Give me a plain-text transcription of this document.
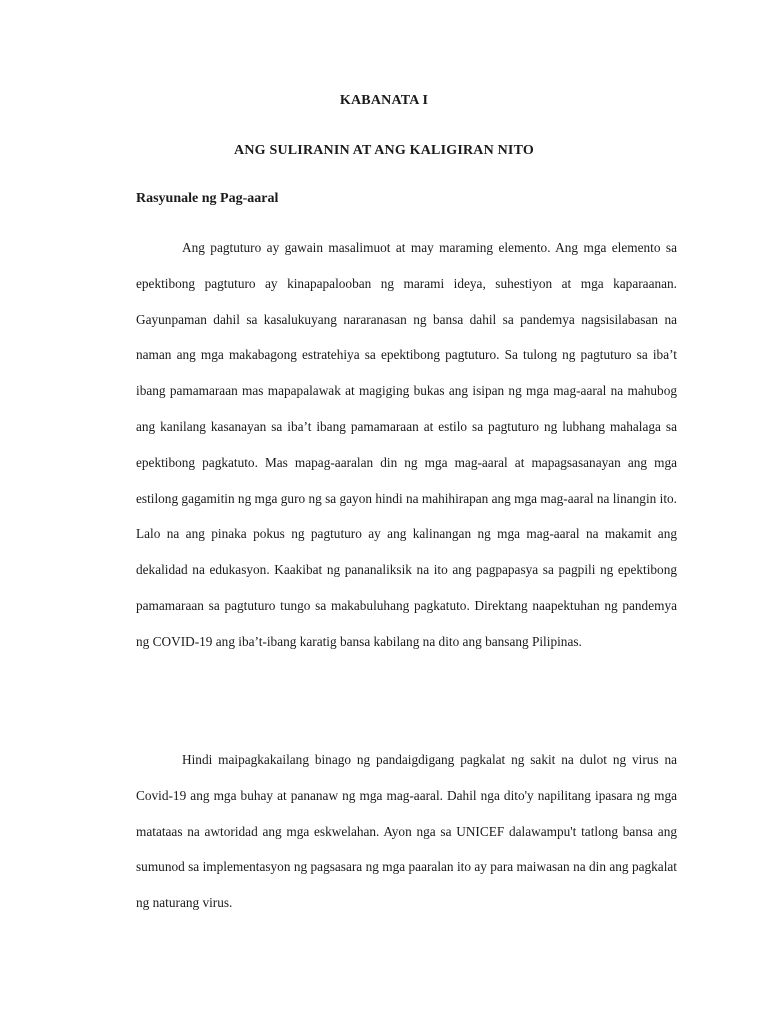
KABANATA I
ANG SULIRANIN AT ANG KALIGIRAN NITO
Rasyunale ng Pag-aaral

Ang pagtuturo ay gawain masalimuot at may maraming elemento. Ang mga elemento sa epektibong pagtuturo ay kinapapalooban ng marami ideya, suhestiyon at mga kaparaanan. Gayunpaman dahil sa kasalukuyang nararanasan ng bansa dahil sa pandemya nagsisilabasan na naman ang mga makabagong estratehiya sa epektibong pagtuturo. Sa tulong ng pagtuturo sa iba’t ibang pamamaraan mas mapapalawak at magiging bukas ang isipan ng mga mag-aaral na mahubog ang kanilang kasanayan sa iba’t ibang pamamaraan at estilo sa pagtuturo ng lubhang mahalaga sa epektibong pagkatuto. Mas mapag-aaralan din ng mga mag-aaral at mapagsasanayan ang mga estilong gagamitin ng mga guro ng sa gayon hindi na mahihirapan ang mga mag-aaral na linangin ito. Lalo na ang pinaka pokus ng pagtuturo ay ang kalinangan ng mga mag-aaral na makamit ang dekalidad na edukasyon. Kaakibat ng pananaliksik na ito ang pagpapasya sa pagpili ng epektibong pamamaraan sa pagtuturo tungo sa makabuluhang pagkatuto. Direktang naapektuhan ng pandemya ng COVID-19 ang iba’t-ibang karatig bansa kabilang na dito ang bansang Pilipinas.

Hindi maipagkakailang binago ng pandaigdigang pagkalat ng sakit na dulot ng virus na Covid-19 ang mga buhay at pananaw ng mga mag-aaral. Dahil nga dito'y napilitang ipasara ng mga matataas na awtoridad ang mga eskwelahan. Ayon nga sa UNICEF dalawampu't tatlong bansa ang sumunod sa implementasyon ng pagsasara ng mga paaralan ito ay para maiwasan na din ang pagkalat ng naturang virus.
